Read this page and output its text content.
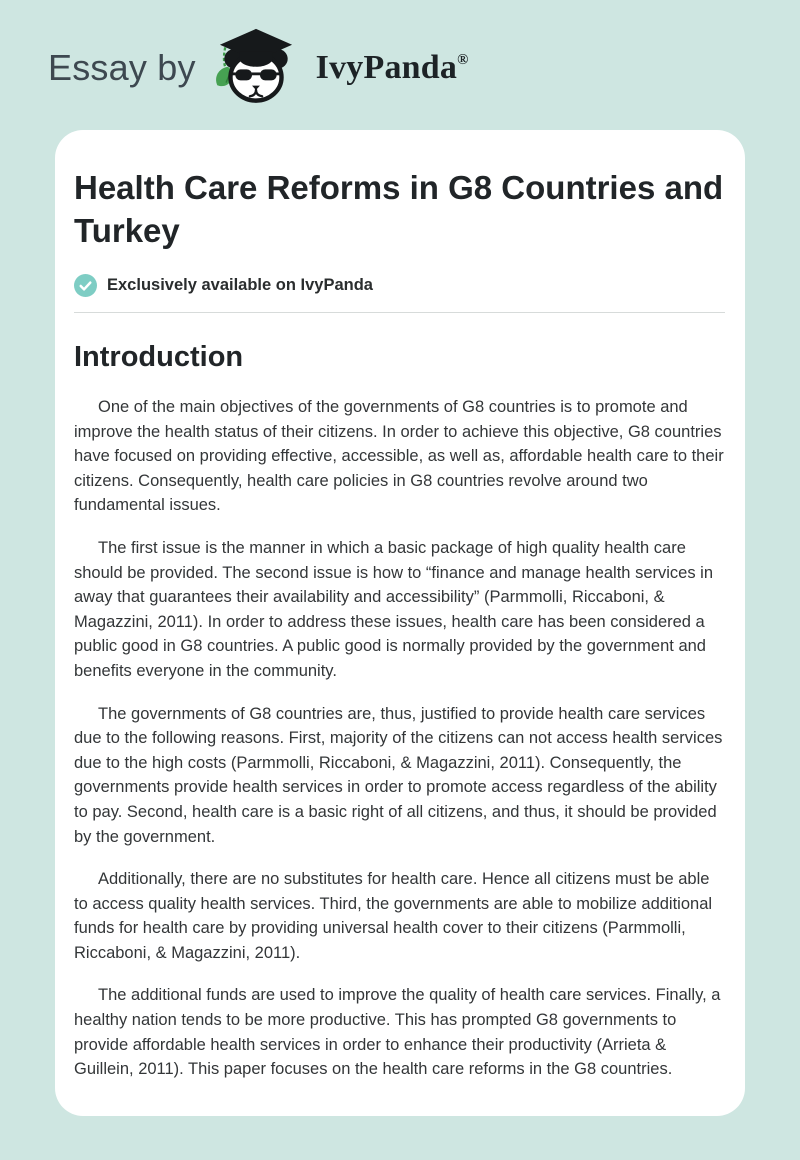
Essay by	IvyPanda®
Health Care Reforms in G8 Countries and Turkey
Exclusively available on IvyPanda
Introduction

One of the main objectives of the governments of G8 countries is to promote and improve the health status of their citizens. In order to achieve this objective, G8 countries have focused on providing effective, accessible, as well as, affordable health care to their citizens. Consequently, health care policies in G8 countries revolve around two fundamental issues.

The first issue is the manner in which a basic package of high quality health care should be provided. The second issue is how to “finance and manage health services in away that guarantees their availability and accessibility” (Parmmolli, Riccaboni, & Magazzini, 2011). In order to address these issues, health care has been considered a public good in G8 countries. A public good is normally provided by the government and benefits everyone in the community.

The governments of G8 countries are, thus, justified to provide health care services due to the following reasons. First, majority of the citizens can not access health services due to the high costs (Parmmolli, Riccaboni, & Magazzini, 2011). Consequently, the governments provide health services in order to promote access regardless of the ability to pay. Second, health care is a basic right of all citizens, and thus, it should be provided by the government.

Additionally, there are no substitutes for health care. Hence all citizens must be able to access quality health services. Third, the governments are able to mobilize additional funds for health care by providing universal health cover to their citizens (Parmmolli, Riccaboni, & Magazzini, 2011).

The additional funds are used to improve the quality of health care services. Finally, a healthy nation tends to be more productive. This has prompted G8 governments to provide affordable health services in order to enhance their productivity (Arrieta & Guillein, 2011). This paper focuses on the health care reforms in the G8 countries.
